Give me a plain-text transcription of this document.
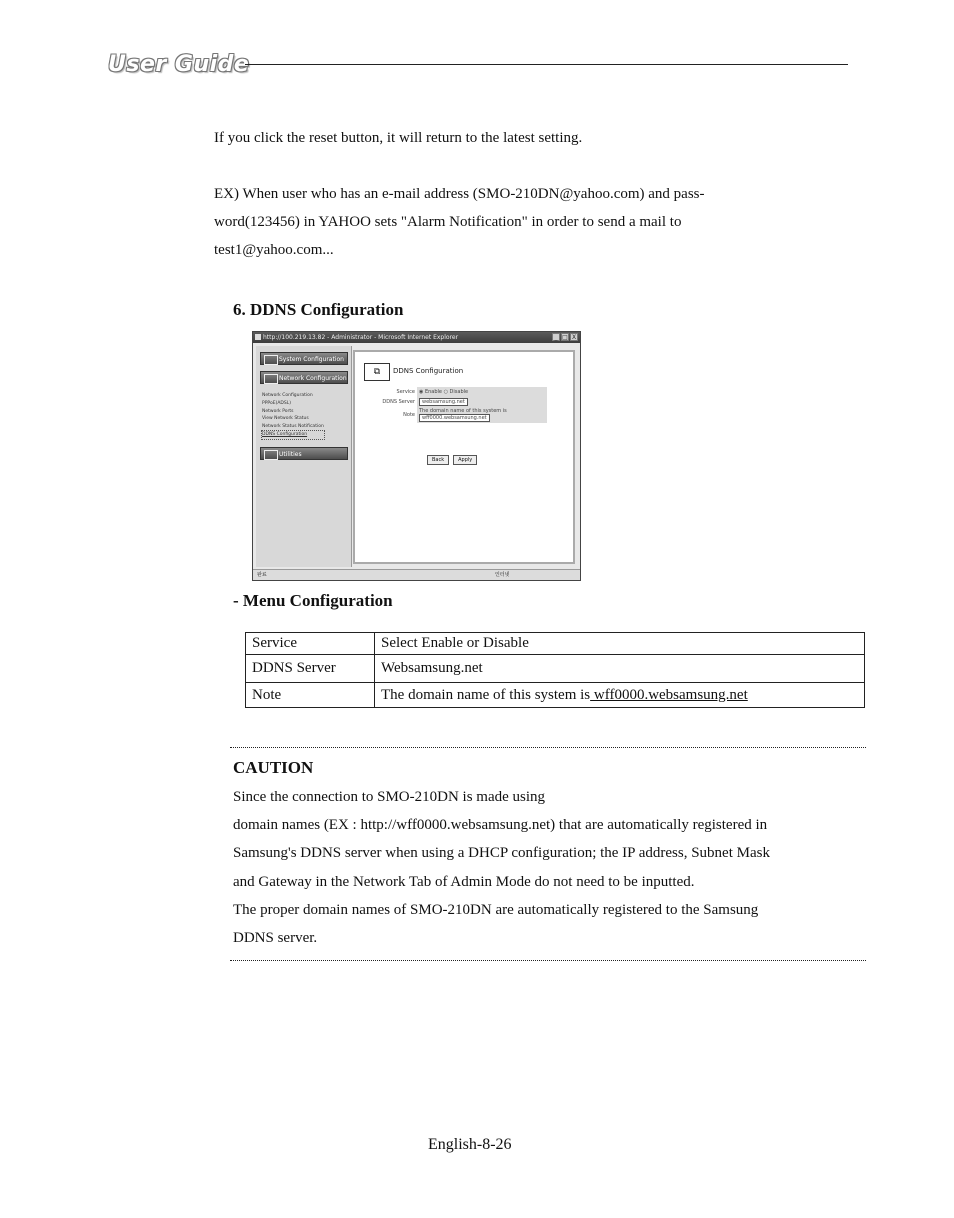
User Guide

If you click the reset button, it will return to the latest setting.

EX) When user who has an e-mail address (SMO-210DN@yahoo.com) and pass-
word(123456) in YAHOO sets "Alarm Notification" in order to send a mail to
test1@yahoo.com...

6. DDNS Configuration
http://100.219.13.82 - Administrator - Microsoft Internet Explorer	_ □ X
System Configuration
Network Configuration
Network Configuration
PPPoE(ADSL)
Network Ports
View Network Status
Network Status Notification
DDNS Configuration
Utilities
⧉	DDNS Configuration
Service	◉ Enable ○ Disable
DDNS Server	websamsung.net
Note	The domain name of this system is
wff0000.websamsung.net
Back	Apply
완료	인터넷
- Menu Configuration
Service	Select Enable or Disable
DDNS Server	Websamsung.net
Note	The domain name of this system is wff0000.websamsung.net
CAUTION

Since the connection to SMO-210DN is made using
domain names (EX : http://wff0000.websamsung.net) that are automatically registered in
Samsung's DDNS server when using a DHCP configuration; the IP address, Subnet Mask
and Gateway in the Network Tab of Admin Mode do not need to be inputted.
The proper domain names of SMO-210DN are automatically registered to the Samsung
DDNS server.

English-8-26
